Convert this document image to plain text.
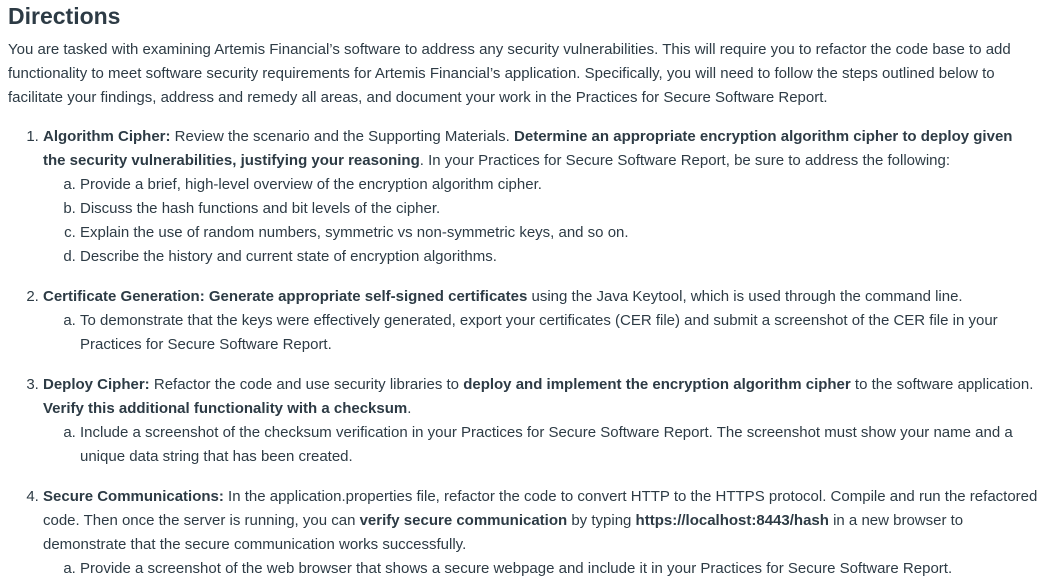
Directions

You are tasked with examining Artemis Financial’s software to address any security vulnerabilities. This will require you to refactor the code base to add functionality to meet software security requirements for Artemis Financial’s application. Specifically, you will need to follow the steps outlined below to facilitate your findings, address and remedy all areas, and document your work in the Practices for Secure Software Report.

1. Algorithm Cipher: Review the scenario and the Supporting Materials. Determine an appropriate encryption algorithm cipher to deploy given the security vulnerabilities, justifying your reasoning. In your Practices for Secure Software Report, be sure to address the following:
a. Provide a brief, high-level overview of the encryption algorithm cipher.
b. Discuss the hash functions and bit levels of the cipher.
c. Explain the use of random numbers, symmetric vs non-symmetric keys, and so on.
d. Describe the history and current state of encryption algorithms.
2. Certificate Generation: Generate appropriate self-signed certificates using the Java Keytool, which is used through the command line.
a. To demonstrate that the keys were effectively generated, export your certificates (CER file) and submit a screenshot of the CER file in your Practices for Secure Software Report.
3. Deploy Cipher: Refactor the code and use security libraries to deploy and implement the encryption algorithm cipher to the software application. Verify this additional functionality with a checksum.
a. Include a screenshot of the checksum verification in your Practices for Secure Software Report. The screenshot must show your name and a unique data string that has been created.
4. Secure Communications: In the application.properties file, refactor the code to convert HTTP to the HTTPS protocol. Compile and run the refactored code. Then once the server is running, you can verify secure communication by typing https://localhost:8443/hash in a new browser to demonstrate that the secure communication works successfully.
a. Provide a screenshot of the web browser that shows a secure webpage and include it in your Practices for Secure Software Report.
